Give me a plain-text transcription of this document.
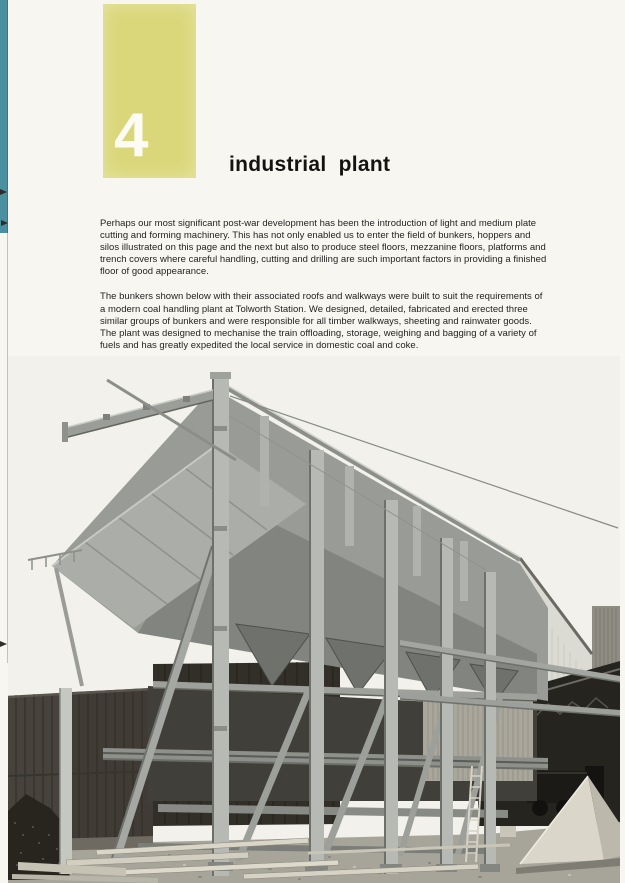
4	industrial plant

Perhaps our most significant post-war development has been the introduction of light and medium plate cutting and forming machinery. This has not only enabled us to enter the field of bunkers, hoppers and silos illustrated on this page and the next but also to produce steel floors, mezzanine floors, platforms and trench covers where careful handling, cutting and drilling are such important factors in providing a finished floor of good appearance.

The bunkers shown below with their associated roofs and walkways were built to suit the requirements of a modern coal handling plant at Tolworth Station. We designed, detailed, fabricated and erected three similar groups of bunkers and were responsible for all timber walkways, sheeting and rainwater goods. The plant was designed to mechanise the train offloading, storage, weighing and bagging of a variety of fuels and has greatly expedited the local service in domestic coal and coke.
